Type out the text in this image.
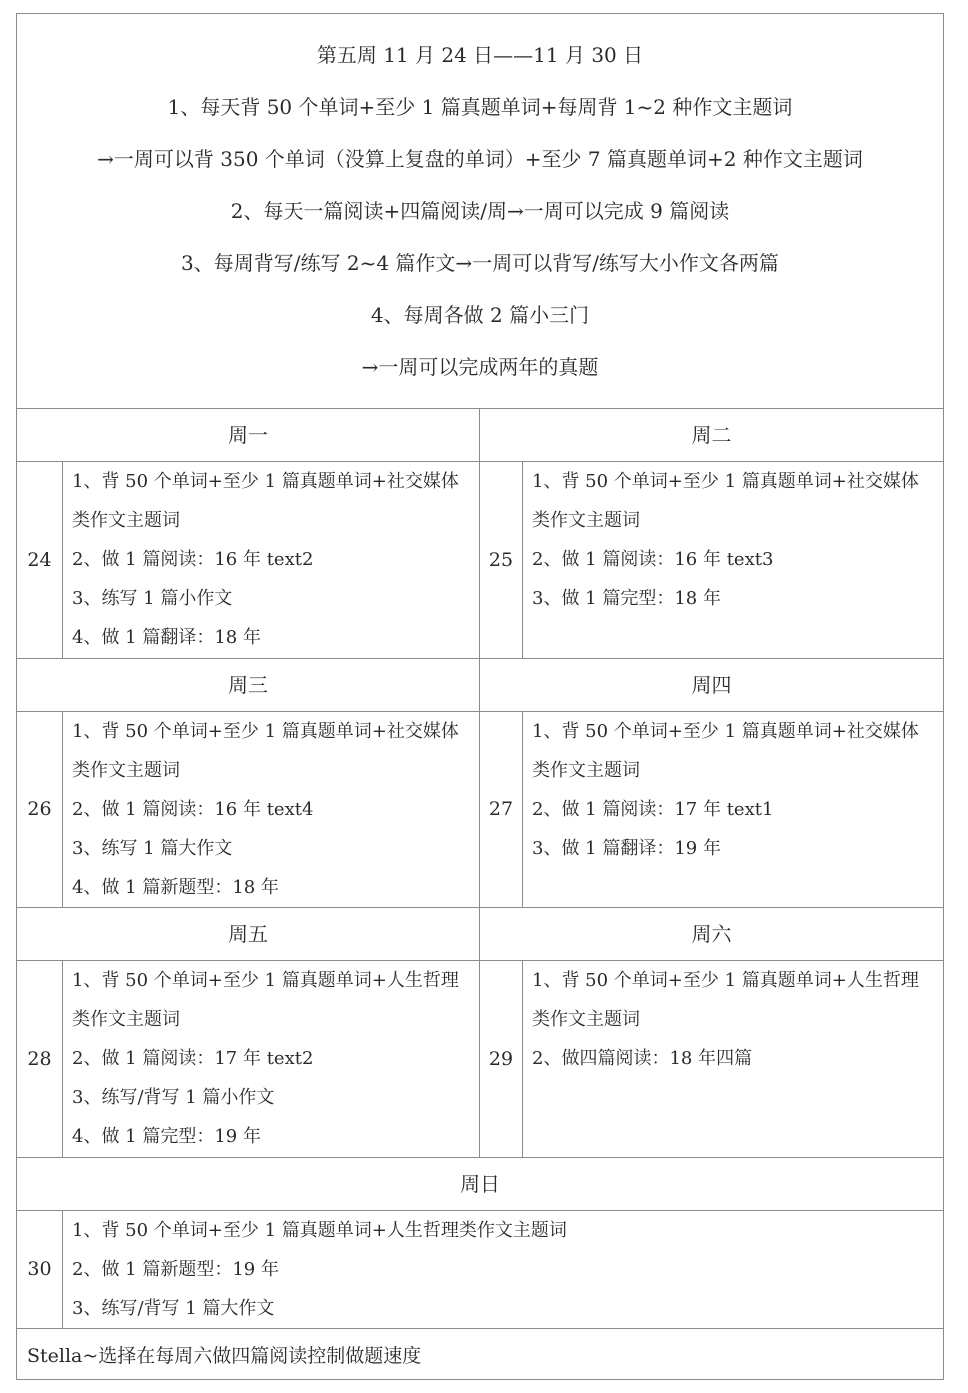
第五周 11 月 24 日——11 月 30 日
1、每天背 50 个单词+至少 1 篇真题单词+每周背 1~2 种作文主题词
→一周可以背 350 个单词（没算上复盘的单词）+至少 7 篇真题单词+2 种作文主题词
2、每天一篇阅读+四篇阅读/周→一周可以完成 9 篇阅读
3、每周背写/练写 2~4 篇作文→一周可以背写/练写大小作文各两篇
4、每周各做 2 篇小三门
→一周可以完成两年的真题
周一
24
1、背 50 个单词+至少 1 篇真题单词+社交媒体
类作文主题词
2、做 1 篇阅读：16 年 text2
3、练写 1 篇小作文
4、做 1 篇翻译：18 年
周二
25
1、背 50 个单词+至少 1 篇真题单词+社交媒体
类作文主题词
2、做 1 篇阅读：16 年 text3
3、做 1 篇完型：18 年
周三
26
1、背 50 个单词+至少 1 篇真题单词+社交媒体
类作文主题词
2、做 1 篇阅读：16 年 text4
3、练写 1 篇大作文
4、做 1 篇新题型：18 年
周四
27
1、背 50 个单词+至少 1 篇真题单词+社交媒体
类作文主题词
2、做 1 篇阅读：17 年 text1
3、做 1 篇翻译：19 年
周五
28
1、背 50 个单词+至少 1 篇真题单词+人生哲理
类作文主题词
2、做 1 篇阅读：17 年 text2
3、练写/背写 1 篇小作文
4、做 1 篇完型：19 年
周六
29
1、背 50 个单词+至少 1 篇真题单词+人生哲理
类作文主题词
2、做四篇阅读：18 年四篇
周日
30
1、背 50 个单词+至少 1 篇真题单词+人生哲理类作文主题词
2、做 1 篇新题型：19 年
3、练写/背写 1 篇大作文
Stella~选择在每周六做四篇阅读控制做题速度
